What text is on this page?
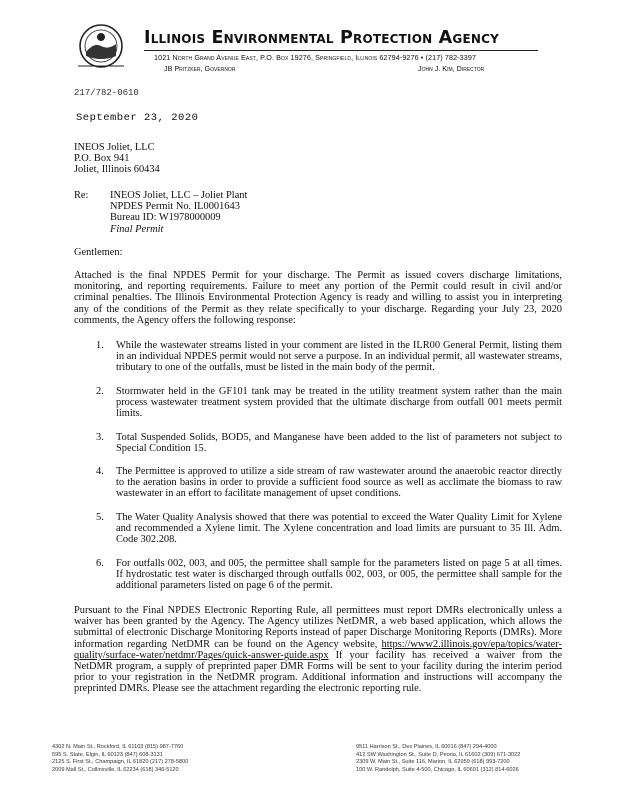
Illinois Environmental Protection Agency
1021 North Grand Avenue East, P.O. Box 19276, Springfield, Illinois 62794-9276 • (217) 782-3397
JB Pritzker, Governor	John J. Kim, Director
217/782-0610
September 23, 2020
INEOS Joliet, LLC
P.O. Box 941
Joliet, Illinois 60434
Re: INEOS Joliet, LLC – Joliet Plant
NPDES Permit No. IL0001643
Bureau ID: W1978000009
Final Permit
Gentlemen:
Attached is the final NPDES Permit for your discharge. The Permit as issued covers discharge limitations, monitoring, and reporting requirements. Failure to meet any portion of the Permit could result in civil and/or criminal penalties. The Illinois Environmental Protection Agency is ready and willing to assist you in interpreting any of the conditions of the Permit as they relate specifically to your discharge. Regarding your July 23, 2020 comments, the Agency offers the following response:
1. While the wastewater streams listed in your comment are listed in the ILR00 General Permit, listing them in an individual NPDES permit would not serve a purpose. In an individual permit, all wastewater streams, tributary to one of the outfalls, must be listed in the main body of the permit.
2. Stormwater held in the GF101 tank may be treated in the utility treatment system rather than the main process wastewater treatment system provided that the ultimate discharge from outfall 001 meets permit limits.
3. Total Suspended Solids, BOD5, and Manganese have been added to the list of parameters not subject to Special Condition 15.
4. The Permittee is approved to utilize a side stream of raw wastewater around the anaerobic reactor directly to the aeration basins in order to provide a sufficient food source as well as acclimate the biomass to raw wastewater in an effort to facilitate management of upset conditions.
5. The Water Quality Analysis showed that there was potential to exceed the Water Quality Limit for Xylene and recommended a Xylene limit. The Xylene concentration and load limits are pursuant to 35 Ill. Adm. Code 302.208.
6. For outfalls 002, 003, and 005, the permittee shall sample for the parameters listed on page 5 at all times. If hydrostatic test water is discharged through outfalls 002, 003, or 005, the permittee shall sample for the additional parameters listed on page 6 of the permit.
Pursuant to the Final NPDES Electronic Reporting Rule, all permittees must report DMRs electronically unless a waiver has been granted by the Agency. The Agency utilizes NetDMR, a web based application, which allows the submittal of electronic Discharge Monitoring Reports instead of paper Discharge Monitoring Reports (DMRs). More information regarding NetDMR can be found on the Agency website, https://www2.illinois.gov/epa/topics/water-quality/surface-water/netdmr/Pages/quick-answer-guide.aspx If your facility has received a waiver from the NetDMR program, a supply of preprinted paper DMR Forms will be sent to your facility during the interim period prior to your registration in the NetDMR program. Additional information and instructions will accompany the preprinted DMRs. Please see the attachment regarding the electronic reporting rule.
4302 N. Main St., Rockford, IL 61103 (815) 987-7760
595 S. State, Elgin, IL 60123 (847) 608-3131
2125 S. First St., Champaign, IL 61820 (217) 278-5800
2009 Mall St., Collinsville, IL 62234 (618) 346-5120
9511 Harrison St., Des Plaines, IL 60016 (847) 294-4000
412 SW Washington St., Suite D, Peoria, IL 61602 (309) 671-3022
2309 W. Main St., Suite 116, Marion, IL 62959 (618) 993-7200
100 W. Randolph, Suite 4-500, Chicago, IL 60601 (312) 814-6026
